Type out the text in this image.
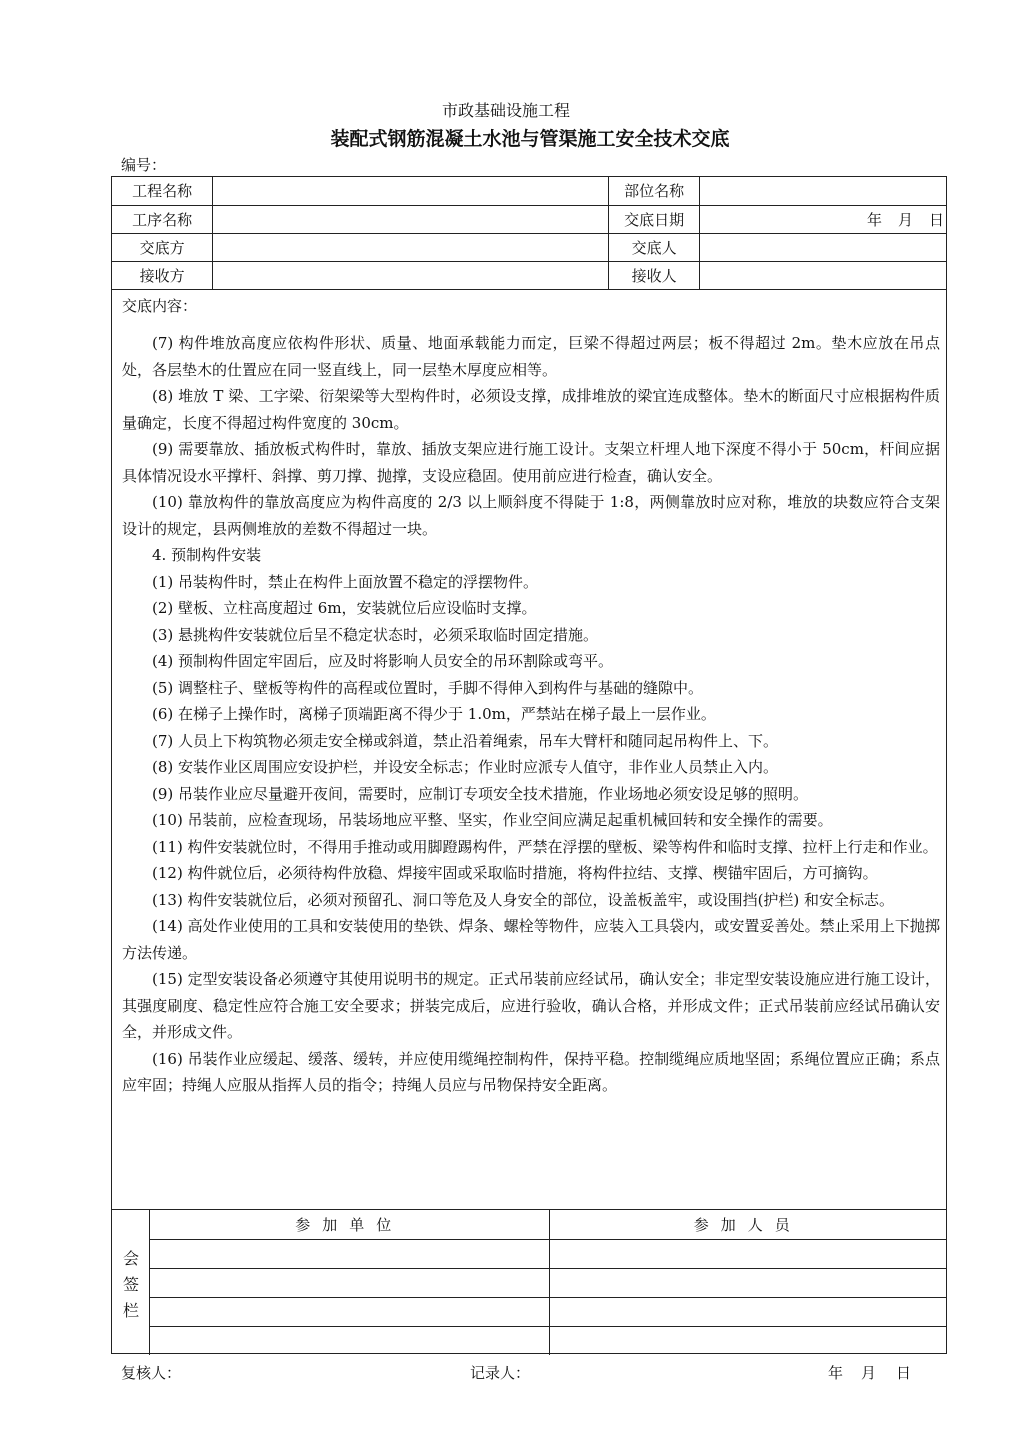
市政基础设施工程
装配式钢筋混凝土水池与管渠施工安全技术交底
编号：
工程名称		部位名称	
工序名称		交底日期	年 月 日
交底方		交底人	
接收方		接收人	
交底内容：

(7) 构件堆放高度应依构件形状、质量、地面承载能力而定，巨梁不得超过两层；板不得超过 2m。垫木应放在吊点处，各层垫木的仕置应在同一竖直线上，同一层垫木厚度应相等。

(8) 堆放 T 梁、工字梁、衍架梁等大型构件时，必须设支撑，成排堆放的梁宜连成整体。垫木的断面尺寸应根据构件质量确定，长度不得超过构件宽度的 30cm。

(9) 需要靠放、插放板式构件时，靠放、插放支架应进行施工设计。支架立杆埋人地下深度不得小于 50cm，杆间应据具体情况设水平撑杆、斜撑、剪刀撑、抛撑，支设应稳固。使用前应进行检查，确认安全。

(10) 靠放构件的靠放高度应为构件高度的 2/3 以上顺斜度不得陡于 1:8，两侧靠放时应对称，堆放的块数应符合支架设计的规定，县两侧堆放的差数不得超过一块。

4. 预制构件安装

(1) 吊装构件时，禁止在构件上面放置不稳定的浮摆物件。

(2) 壁板、立柱高度超过 6m，安装就位后应设临时支撑。

(3) 悬挑构件安装就位后呈不稳定状态时，必须采取临时固定措施。

(4) 预制构件固定牢固后，应及时将影响人员安全的吊环割除或弯平。

(5) 调整柱子、壁板等构件的高程或位置时，手脚不得伸入到构件与基础的缝隙中。

(6) 在梯子上操作时，离梯子顶端距离不得少于 1.0m，严禁站在梯子最上一层作业。

(7) 人员上下构筑物必须走安全梯或斜道，禁止沿着绳索，吊车大臂杆和随同起吊构件上、下。

(8) 安装作业区周围应安设护栏，并设安全标志；作业时应派专人值守，非作业人员禁止入内。

(9) 吊装作业应尽量避开夜间，需要时，应制订专项安全技术措施，作业场地必须安设足够的照明。

(10) 吊装前，应检查现场，吊装场地应平整、坚实，作业空间应满足起重机械回转和安全操作的需要。

(11) 构件安装就位时，不得用手推动或用脚蹬踢构件，严禁在浮摆的壁板、梁等构件和临时支撑、拉杆上行走和作业。

(12) 构件就位后，必须待构件放稳、焊接牢固或采取临时措施，将构件拉结、支撑、楔锚牢固后，方可摘钩。

(13) 构件安装就位后，必须对预留孔、洞口等危及人身安全的部位，设盖板盖牢，或设围挡(护栏) 和安全标志。

(14) 高处作业使用的工具和安装使用的垫铁、焊条、螺栓等物件，应装入工具袋内，或安置妥善处。禁止采用上下抛掷方法传递。

(15) 定型安装设备必须遵守其使用说明书的规定。正式吊装前应经试吊，确认安全；非定型安装设施应进行施工设计，其强度刷度、稳定性应符合施工安全要求；拼装完成后，应进行验收，确认合格，并形成文件；正式吊装前应经试吊确认安全，并形成文件。

(16) 吊装作业应缓起、缓落、缓转，并应使用缆绳控制构件，保持平稳。控制缆绳应质地坚固；系绳位置应正确；系点应牢固；持绳人应服从指挥人员的指令；持绳人员应与吊物保持安全距离。

会
签
栏
参加单位	参加人员

复核人：	记录人：	年 月 日
